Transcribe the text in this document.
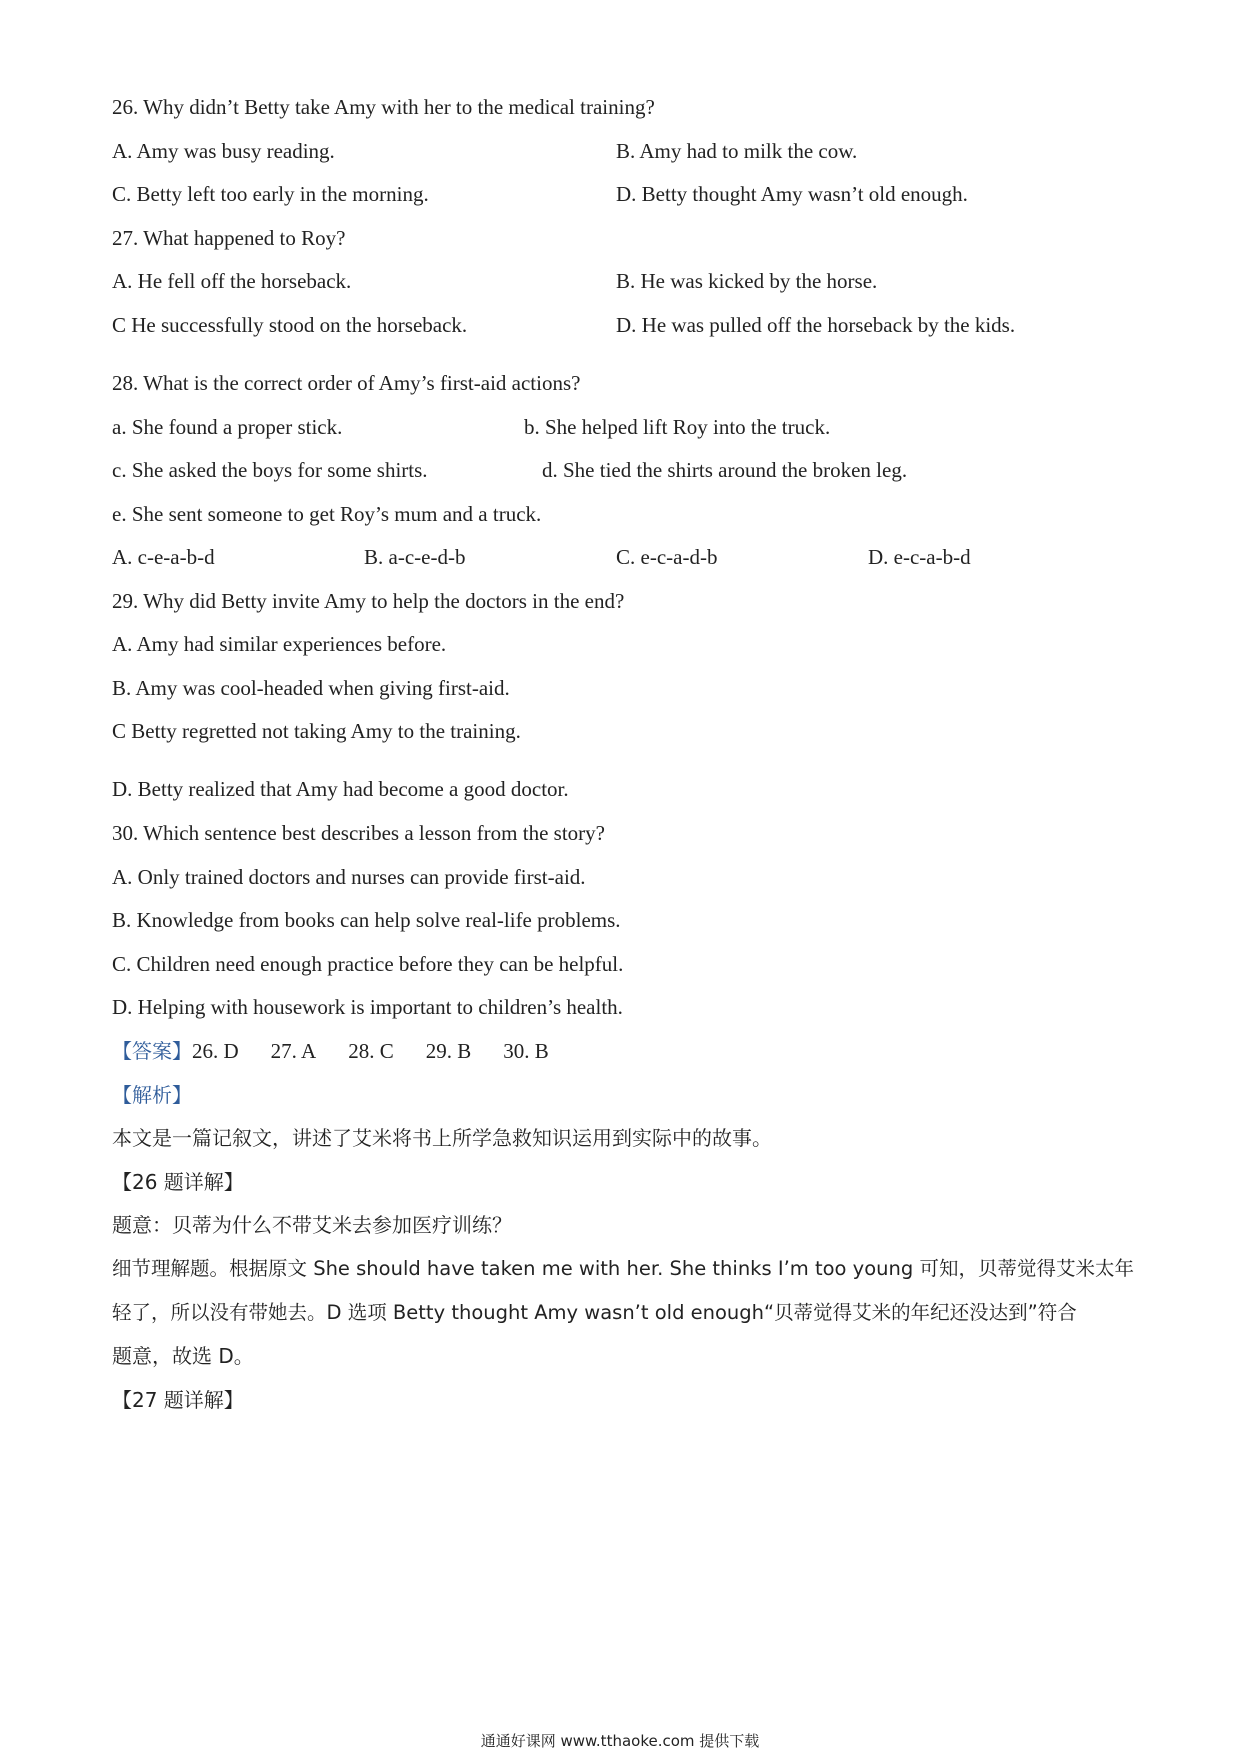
26. Why didn’t Betty take Amy with her to the medical training?
A. Amy was busy reading.	B. Amy had to milk the cow.
C. Betty left too early in the morning.	D. Betty thought Amy wasn’t old enough.
27. What happened to Roy?
A. He fell off the horseback.	B. He was kicked by the horse.
C He successfully stood on the horseback.	D. He was pulled off the horseback by the kids.
28. What is the correct order of Amy’s first-aid actions?
a. She found a proper stick.	b. She helped lift Roy into the truck.
c. She asked the boys for some shirts.	d. She tied the shirts around the broken leg.
e. She sent someone to get Roy’s mum and a truck.
A. c-e-a-b-d	B. a-c-e-d-b	C. e-c-a-d-b	D. e-c-a-b-d
29. Why did Betty invite Amy to help the doctors in the end?
A. Amy had similar experiences before.
B. Amy was cool-headed when giving first-aid.
C Betty regretted not taking Amy to the training.
D. Betty realized that Amy had become a good doctor.
30. Which sentence best describes a lesson from the story?
A. Only trained doctors and nurses can provide first-aid.
B. Knowledge from books can help solve real-life problems.
C. Children need enough practice before they can be helpful.
D. Helping with housework is important to children’s health.
【答案】26. D 27. A 28. C 29. B 30. B
【解析】
本文是一篇记叙文，讲述了艾米将书上所学急救知识运用到实际中的故事。
【26 题详解】
题意：贝蒂为什么不带艾米去参加医疗训练？
细节理解题。根据原文 She should have taken me with her. She thinks I’m too young 可知，贝蒂觉得艾米太年
轻了，所以没有带她去。D 选项 Betty thought Amy wasn’t old enough“贝蒂觉得艾米的年纪还没达到”符合
题意，故选 D。
【27 题详解】
通通好课网 www.tthaoke.com 提供下载
